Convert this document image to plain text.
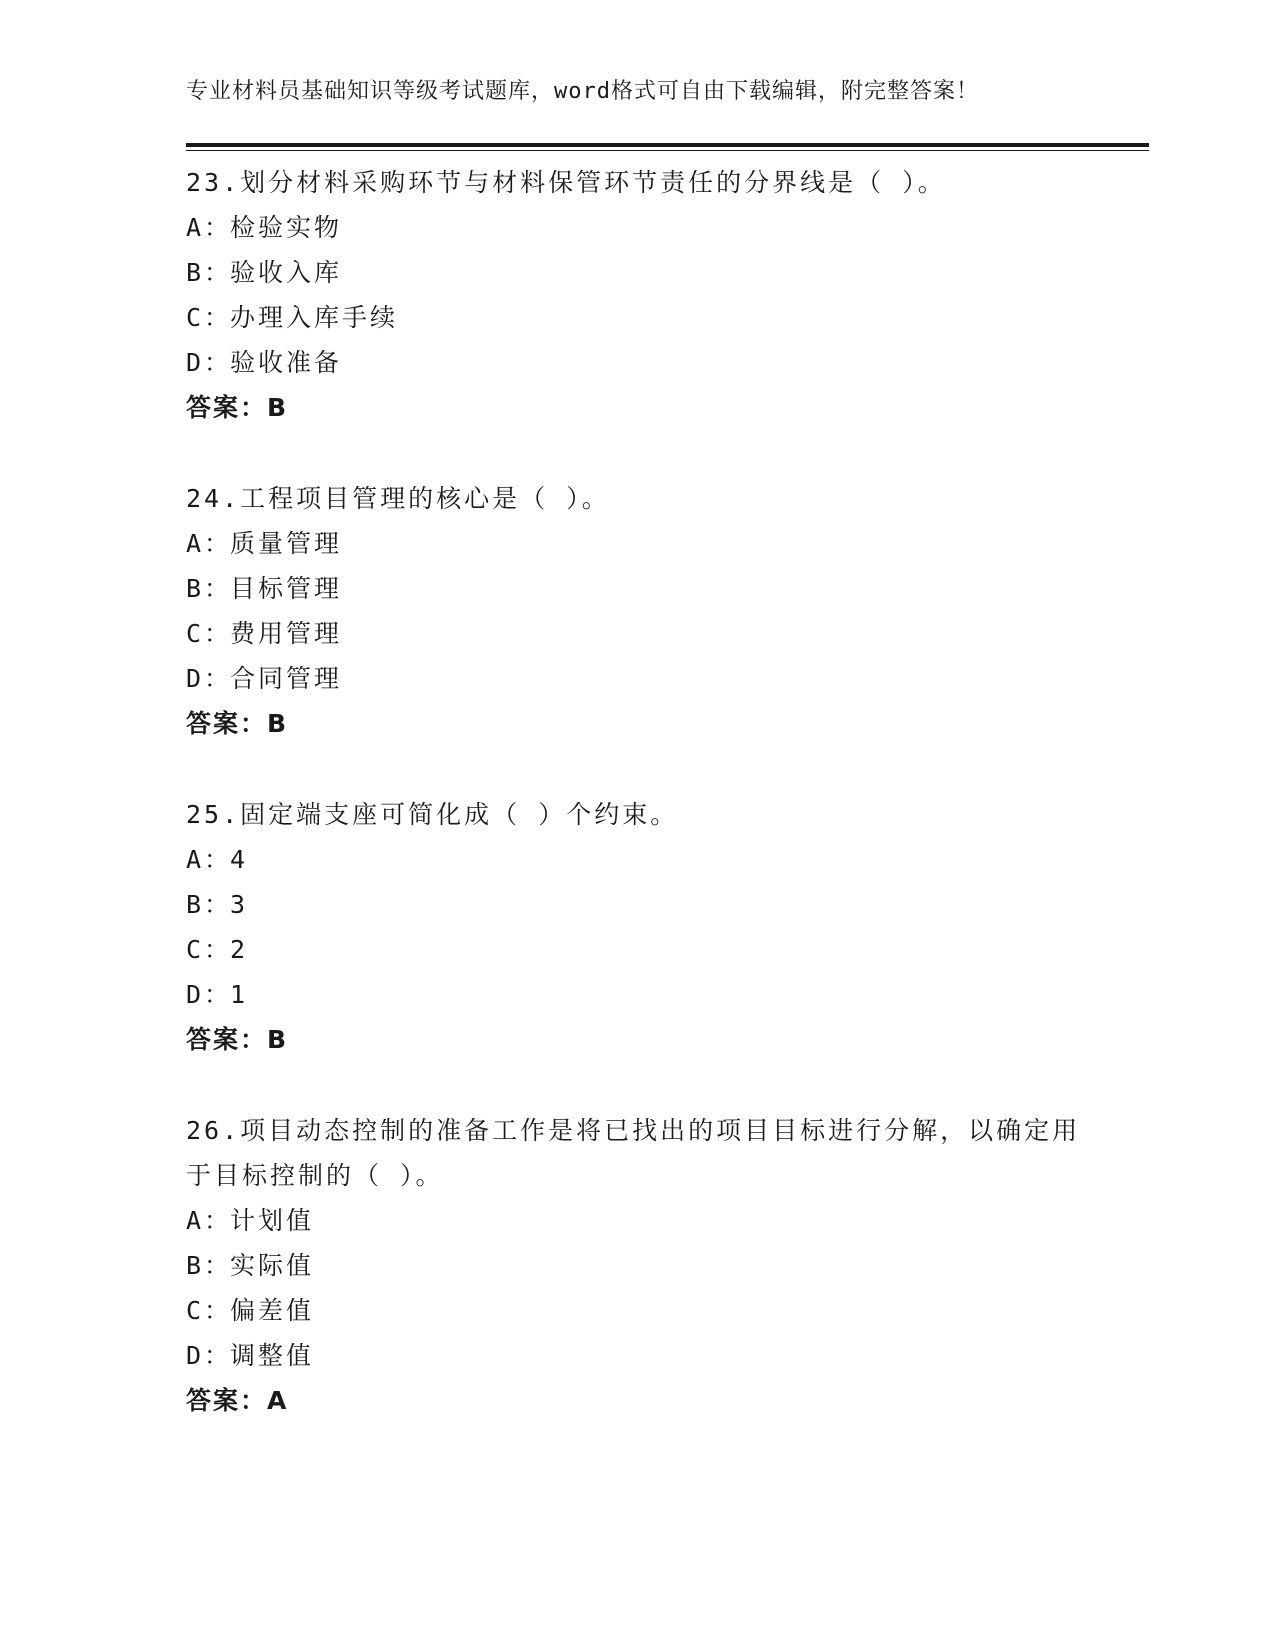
专业材料员基础知识等级考试题库，word格式可自由下载编辑，附完整答案！
23.划分材料采购环节与材料保管环节责任的分界线是（ ）。
A：检验实物
B：验收入库
C：办理入库手续
D：验收准备
答案：B
24.工程项目管理的核心是（ ）。
A：质量管理
B：目标管理
C：费用管理
D：合同管理
答案：B
25.固定端支座可简化成（ ）个约束。
A：4
B：3
C：2
D：1
答案：B
26.项目动态控制的准备工作是将已找出的项目目标进行分解，以确定用于目标控制的（ ）。
A：计划值
B：实际值
C：偏差值
D：调整值
答案：A
